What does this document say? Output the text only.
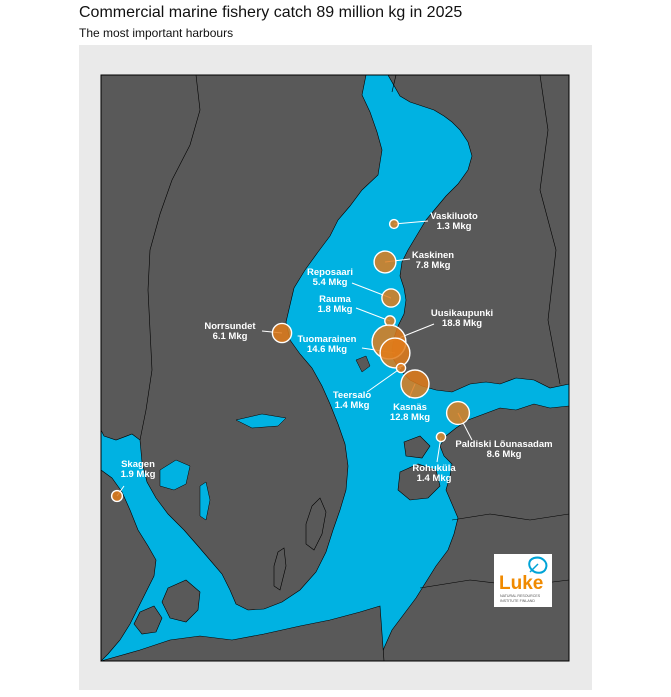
Commercial marine fishery catch 89 million kg in 2025
The most important harbours
Vaskiluoto
1.3 Mkg
Kaskinen
7.8 Mkg
Reposaari
5.4 Mkg
Rauma
1.8 Mkg	Uusikaupunki
18.8 Mkg
Norrsundet
6.1 Mkg	Tuomarainen
14.6 Mkg
Teersalo
1.4 Mkg Kasnäs
12.8 Mkg
Paldiski Lõunasadam
8.6 Mkg
Rohuküla
1.4 Mkg
Skagen
1.9 Mkg
Luke
NATURAL RESOURCES
INSTITUTE FINLAND
